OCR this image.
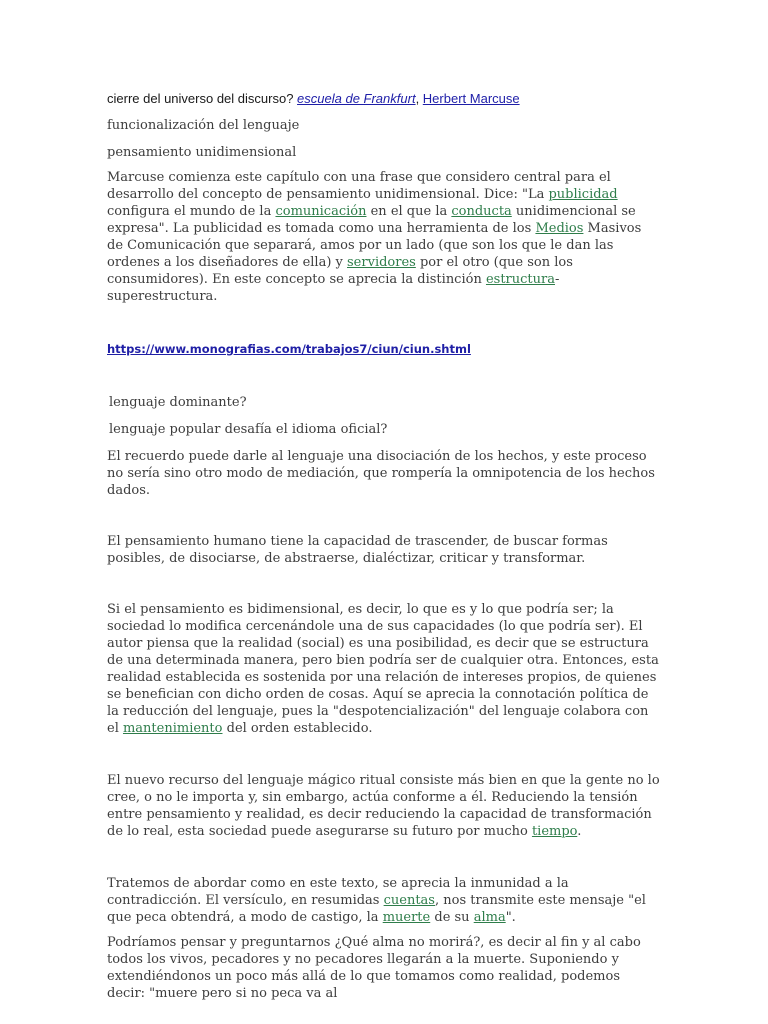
cierre del universo del discurso? escuela de Frankfurt, Herbert Marcuse

funcionalización del lenguaje

pensamiento unidimensional

Marcuse comienza este capítulo con una frase que considero central para el desarrollo del concepto de pensamiento unidimensional. Dice: "La publicidad configura el mundo de la comunicación en el que la conducta unidimencional se expresa". La publicidad es tomada como una herramienta de los Medios Masivos de Comunicación que separará, amos por un lado (que son los que le dan las ordenes a los diseñadores de ella) y servidores por el otro (que son los consumidores). En este concepto se aprecia la distinción estructura-superestructura.

https://www.monografias.com/trabajos7/ciun/ciun.shtml

lenguaje dominante?

lenguaje popular desafía el idioma oficial?

El recuerdo puede darle al lenguaje una disociación de los hechos, y este proceso no sería sino otro modo de mediación, que rompería la omnipotencia de los hechos dados.

El pensamiento humano tiene la capacidad de trascender, de buscar formas posibles, de disociarse, de abstraerse, dialéctizar, criticar y transformar.

Si el pensamiento es bidimensional, es decir, lo que es y lo que podría ser; la sociedad lo modifica cercenándole una de sus capacidades (lo que podría ser). El autor piensa que la realidad (social) es una posibilidad, es decir que se estructura de una determinada manera, pero bien podría ser de cualquier otra. Entonces, esta realidad establecida es sostenida por una relación de intereses propios, de quienes se benefician con dicho orden de cosas. Aquí se aprecia la connotación política de la reducción del lenguaje, pues la "despotencialización" del lenguaje colabora con el mantenimiento del orden establecido.

El nuevo recurso del lenguaje mágico ritual consiste más bien en que la gente no lo cree, o no le importa y, sin embargo, actúa conforme a él. Reduciendo la tensión entre pensamiento y realidad, es decir reduciendo la capacidad de transformación de lo real, esta sociedad puede asegurarse su futuro por mucho tiempo.

Tratemos de abordar como en este texto, se aprecia la inmunidad a la contradicción. El versículo, en resumidas cuentas, nos transmite este mensaje "el que peca obtendrá, a modo de castigo, la muerte de su alma".

Podríamos pensar y preguntarnos ¿Qué alma no morirá?, es decir al fin y al cabo todos los vivos, pecadores y no pecadores llegarán a la muerte. Suponiendo y extendiéndonos un poco más allá de lo que tomamos como realidad, podemos decir: "muere pero si no peca va al
